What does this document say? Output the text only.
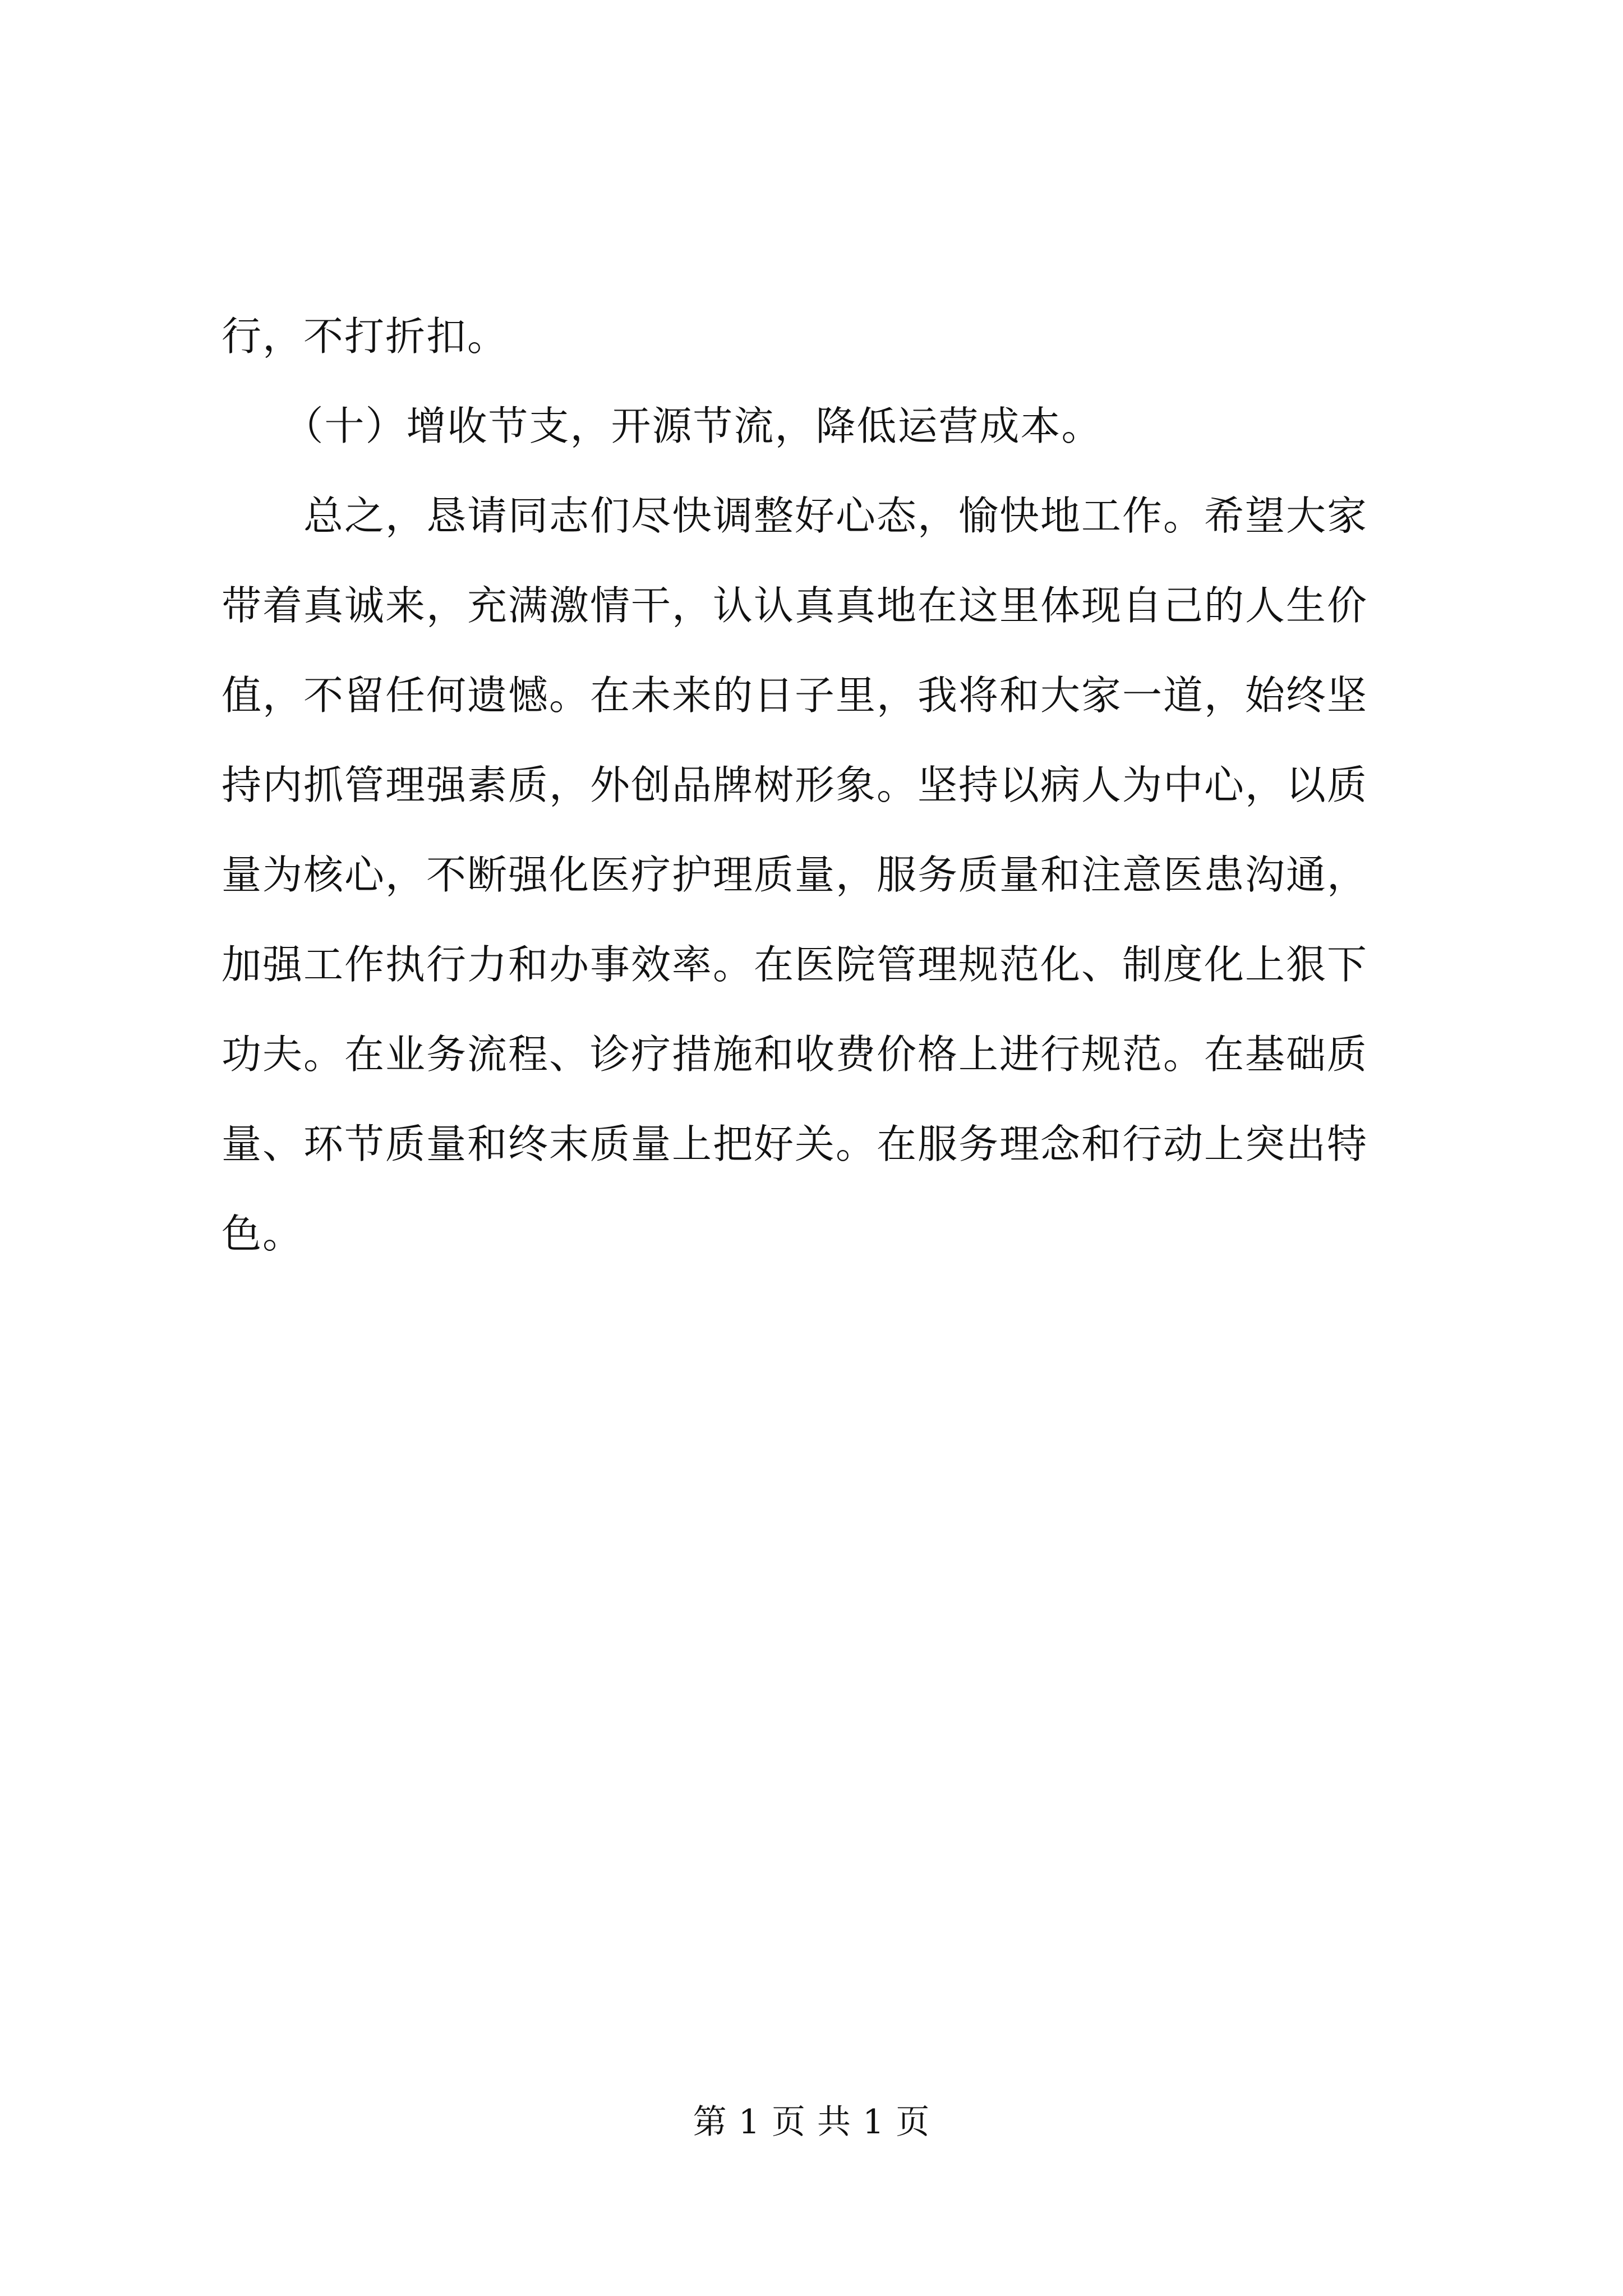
行，不打折扣。
　　（十）增收节支，开源节流，降低运营成本。
　　总之，恳请同志们尽快调整好心态，愉快地工作。希望大家
带着真诚来，充满激情干，认认真真地在这里体现自己的人生价
值，不留任何遗憾。在未来的日子里，我将和大家一道，始终坚
持内抓管理强素质，外创品牌树形象。坚持以病人为中心，以质
量为核心，不断强化医疗护理质量，服务质量和注意医患沟通，
加强工作执行力和办事效率。在医院管理规范化、制度化上狠下
功夫。在业务流程、诊疗措施和收费价格上进行规范。在基础质
量、环节质量和终末质量上把好关。在服务理念和行动上突出特
色。
第 1 页 共 1 页
